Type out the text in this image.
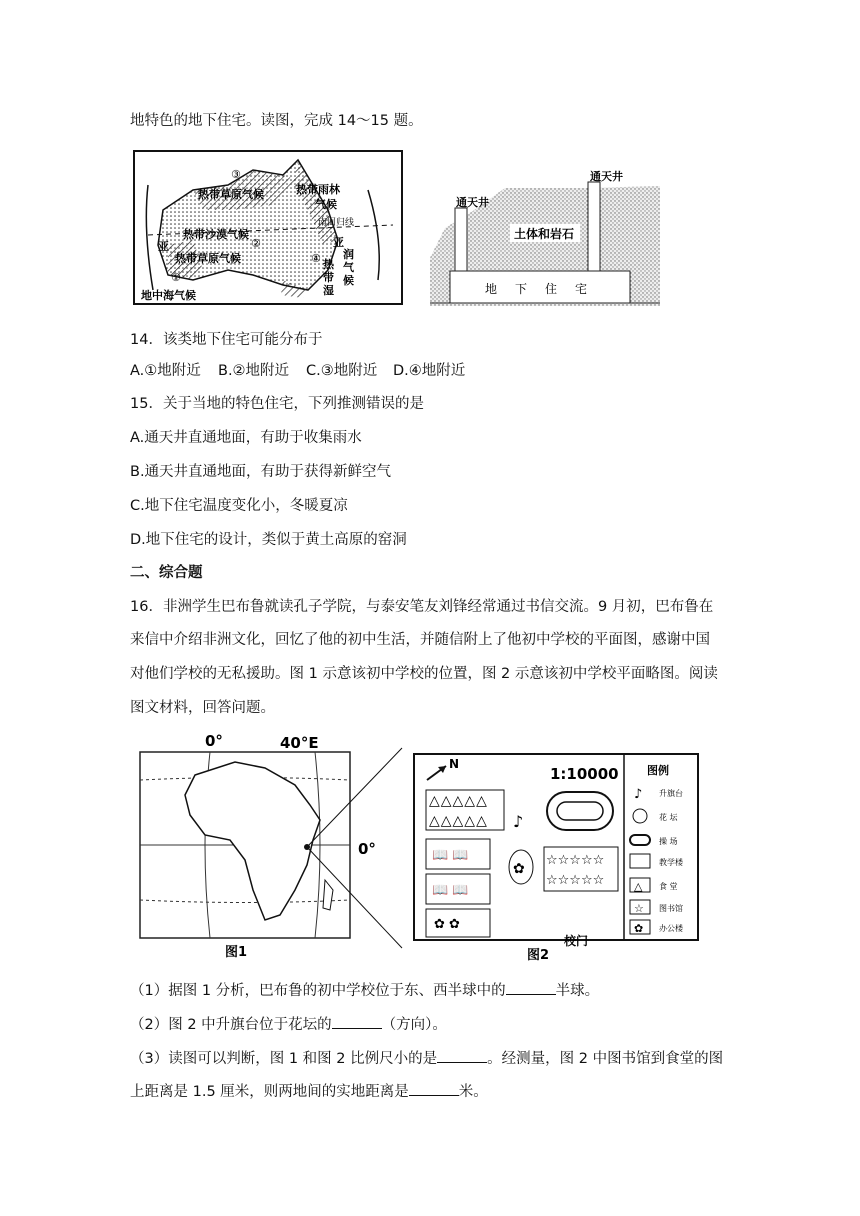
地特色的地下住宅。读图，完成 14～15 题。
热带草原气候	热带雨林
气候
南回归线
热带沙漠气候
热带草原气候
亚	亚
热
带
湿
润
气
候
地中海气候
③
②
①
④
通天井
通天井
土体和岩石
地 下 住 宅
14．该类地下住宅可能分布于
A.①地附近 B.②地附近 C.③地附近 D.④地附近
15．关于当地的特色住宅，下列推测错误的是
A.通天井直通地面，有助于收集雨水
B.通天井直通地面，有助于获得新鲜空气
C.地下住宅温度变化小，冬暖夏凉
D.地下住宅的设计，类似于黄土高原的窑洞
二、综合题
16．非洲学生巴布鲁就读孔子学院，与泰安笔友刘锋经常通过书信交流。9 月初，巴布鲁在
来信中介绍非洲文化，回忆了他的初中生活，并随信附上了他初中学校的平面图，感谢中国
对他们学校的无私援助。图 1 示意该初中学校的位置，图 2 示意该初中学校平面略图。阅读
图文材料，回答问题。
0°	40°E
0°
图1
N
1:10000
△△△△△
△△△△△ ♪
✿
☆☆☆☆☆
☆☆☆☆☆
📖 📖
📖 📖
✿ ✿
校门
图例
♪ 升旗台
花 坛
操 场
教学楼
△ 食 堂
☆ 图书馆
✿ 办公楼
图2
（1）据图 1 分析，巴布鲁的初中学校位于东、西半球中的	半球。
（2）图 2 中升旗台位于花坛的	（方向）。
（3）读图可以判断，图 1 和图 2 比例尺小的是	。经测量，图 2 中图书馆到食堂的图
上距离是 1.5 厘米，则两地间的实地距离是	米。
